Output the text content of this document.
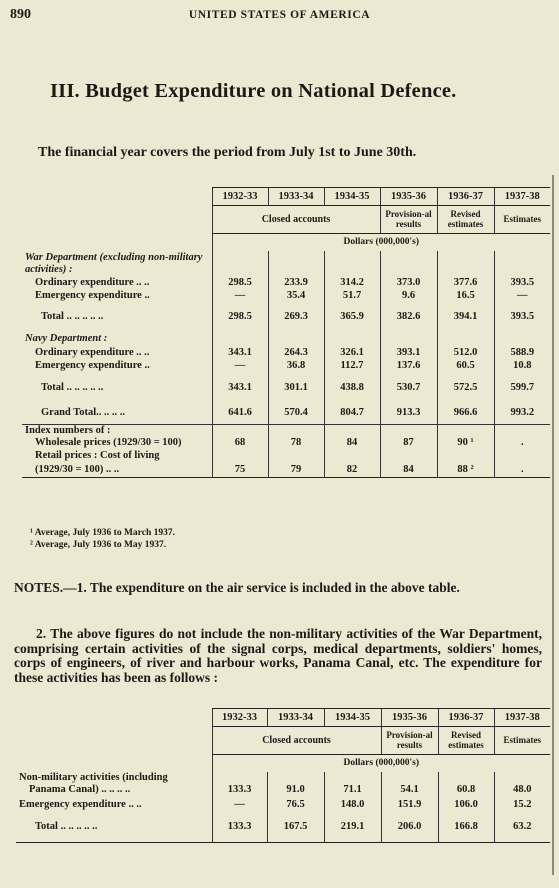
890	UNITED STATES OF AMERICA
III. Budget Expenditure on National Defence.
The financial year covers the period from July 1st to June 30th.
	1932-33	1933-34	1934-35	1935-36	1936-37	1937-38
	Closed accounts			Provision-al results	Revised estimates	Estimates
	Dollars (000,000's)					
War Department (excluding non-military activities) :						

Ordinary expenditure .. ..	298.5	233.9	314.2	373.0	377.6	393.5

Emergency expenditure ..	—	35.4	51.7	9.6	16.5	—

Total .. .. .. .. ..	298.5	269.3	365.9	382.6	394.1	393.5
Navy Department :						

Ordinary expenditure .. ..	343.1	264.3	326.1	393.1	512.0	588.9

Emergency expenditure ..	—	36.8	112.7	137.6	60.5	10.8

Total .. .. .. .. ..	343.1	301.1	438.8	530.7	572.5	599.7

Grand Total.. .. .. ..	641.6	570.4	804.7	913.3	966.6	993.2
Index numbers of :						

Wholesale prices (1929/30 = 100)	68	78	84	87	90 ¹	.

Retail prices : Cost of living						

(1929/30 = 100) .. ..	75	79	82	84	88 ²	.
¹ Average, July 1936 to March 1937.
² Average, July 1936 to May 1937.
NOTES.—1. The expenditure on the air service is included in the above table.
2. The above figures do not include the non-military activities of the War Department, comprising certain activities of the signal corps, medical departments, soldiers' homes, corps of engineers, of river and harbour works, Panama Canal, etc. The expenditure for these activities has been as follows :
	1932-33	1933-34	1934-35	1935-36	1936-37	1937-38
	Closed accounts			Provision-al results	Revised estimates	Estimates
	Dollars (000,000's)					
Non-military activities (including						

Panama Canal) .. .. .. ..	133.3	91.0	71.1	54.1	60.8	48.0
Emergency expenditure .. ..	—	76.5	148.0	151.9	106.0	15.2

Total .. .. .. .. ..	133.3	167.5	219.1	206.0	166.8	63.2
